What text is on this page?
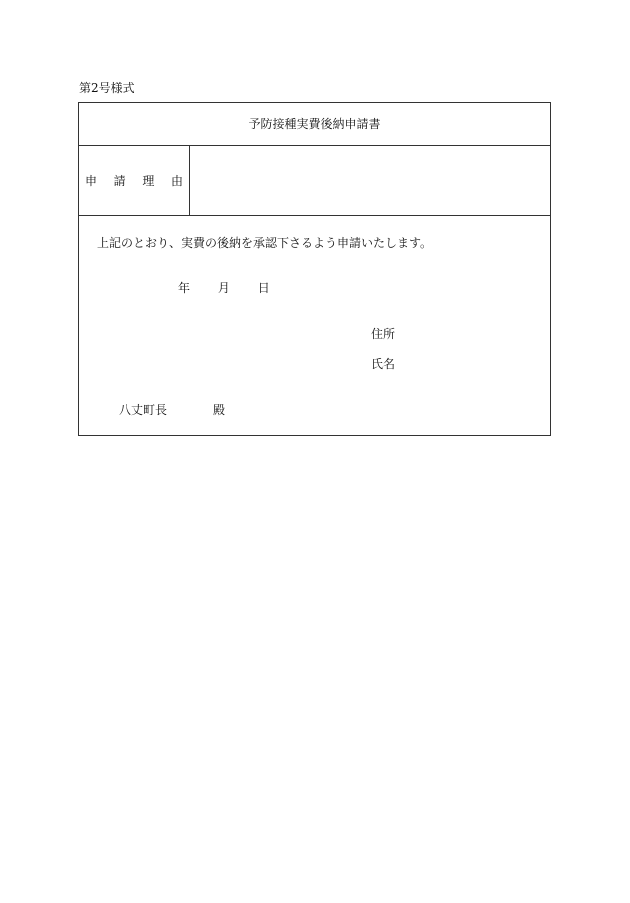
第2号様式
予防接種実費後納申請書
申 請 理 由
上記のとおり、実費の後納を承認下さるよう申請いたします。
年 月 日
住所
氏名
八丈町長	殿
